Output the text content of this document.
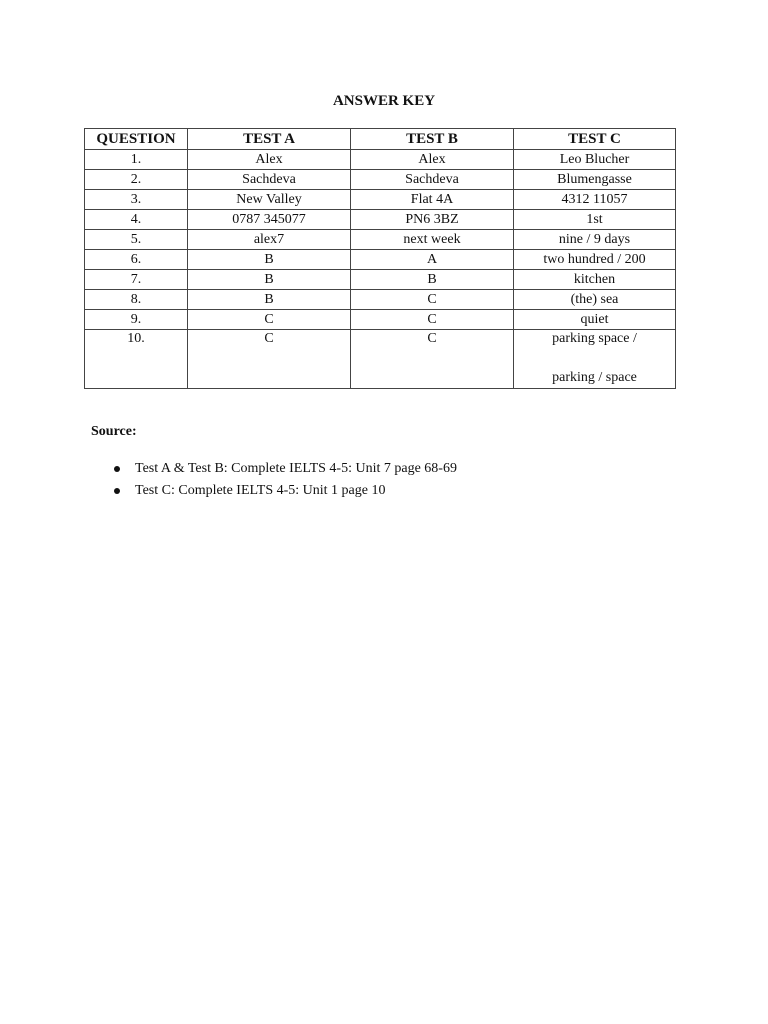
ANSWER KEY
QUESTION	TEST A	TEST B	TEST C
1.	Alex	Alex	Leo Blucher
2.	Sachdeva	Sachdeva	Blumengasse
3.	New Valley	Flat 4A	4312 11057
4.	0787 345077	PN6 3BZ	1st
5.	alex7	next week	nine / 9 days
6.	B	A	two hundred / 200
7.	B	B	kitchen
8.	B	C	(the) sea
9.	C	C	quiet
10.	C	C	parking space /
parking / space

Source:

Test A & Test B: Complete IELTS 4-5: Unit 7 page 68-69
Test C: Complete IELTS 4-5: Unit 1 page 10
